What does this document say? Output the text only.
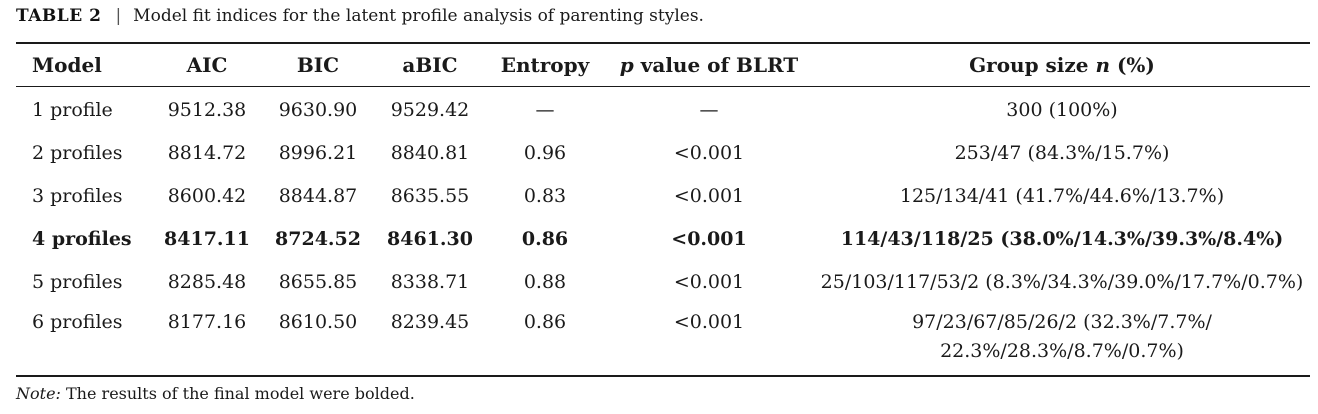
TABLE 2 | Model fit indices for the latent profile analysis of parenting styles.
Model	AIC	BIC	aBIC	Entropy	p value of BLRT	Group size n (%)
1 profile	9512.38	9630.90	9529.42	—	—	300 (100%)
2 profiles	8814.72	8996.21	8840.81	0.96	<0.001	253/47 (84.3%/15.7%)
3 profiles	8600.42	8844.87	8635.55	0.83	<0.001	125/134/41 (41.7%/44.6%/13.7%)
4 profiles	8417.11	8724.52	8461.30	0.86	<0.001	114/43/118/25 (38.0%/14.3%/39.3%/8.4%)
5 profiles	8285.48	8655.85	8338.71	0.88	<0.001	25/103/117/53/2 (8.3%/34.3%/39.0%/17.7%/0.7%)
6 profiles	8177.16	8610.50	8239.45	0.86	<0.001	97/23/67/85/26/2 (32.3%/7.7%/
22.3%/28.3%/8.7%/0.7%)
Note: The results of the final model were bolded.
